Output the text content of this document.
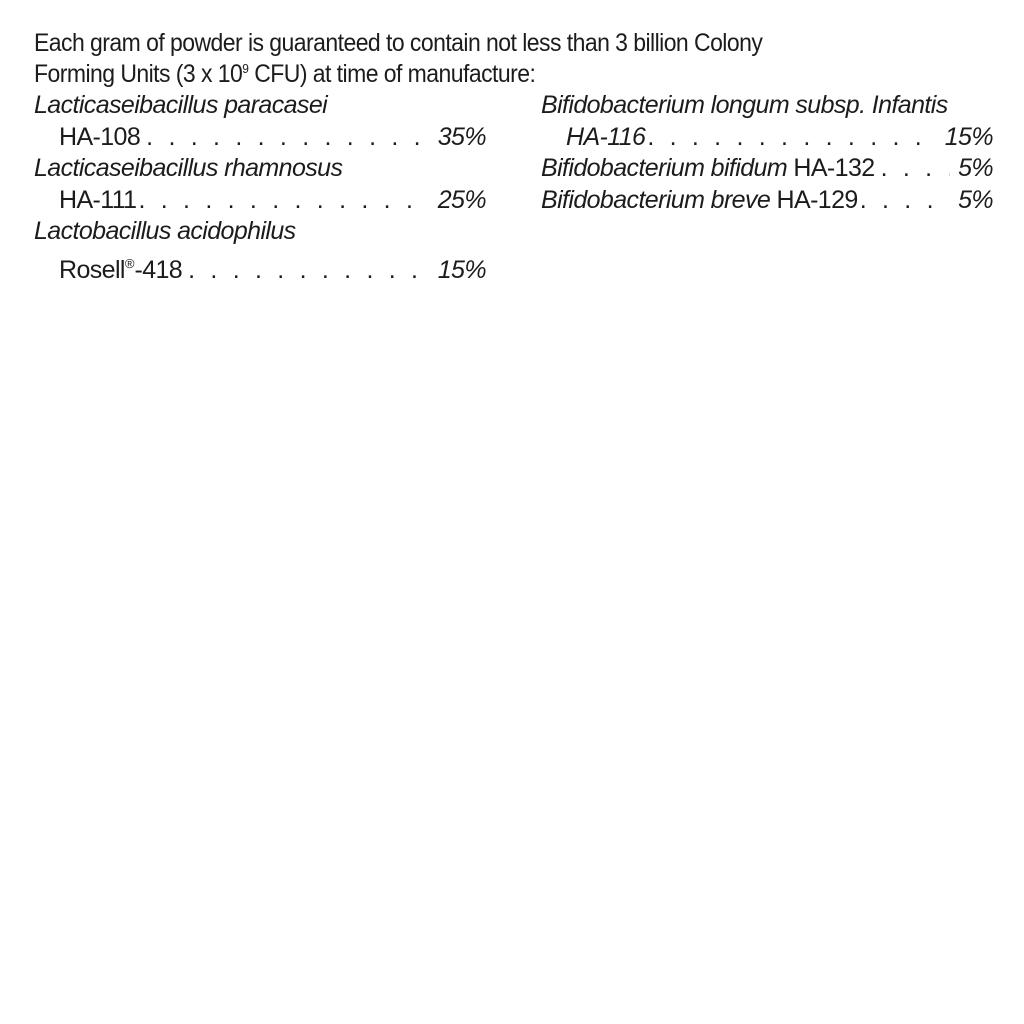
Each gram of powder is guaranteed to contain not less than 3 billion Colony
Forming Units (3 x $10^9$ CFU) at time of manufacture:
Lacticaseibacillus paracasei
HA-108 . . .	35%
Lacticaseibacillus rhamnosus
HA-111 . . .	25%
Lactobacillus acidophilus
Rosell®-418 . . .	15%
Bifidobacterium longum subsp. Infantis
HA-116 . . .	15%
Bifidobacterium bifidum HA-132 . . .	5%
Bifidobacterium breve HA-129 . . .	5%
